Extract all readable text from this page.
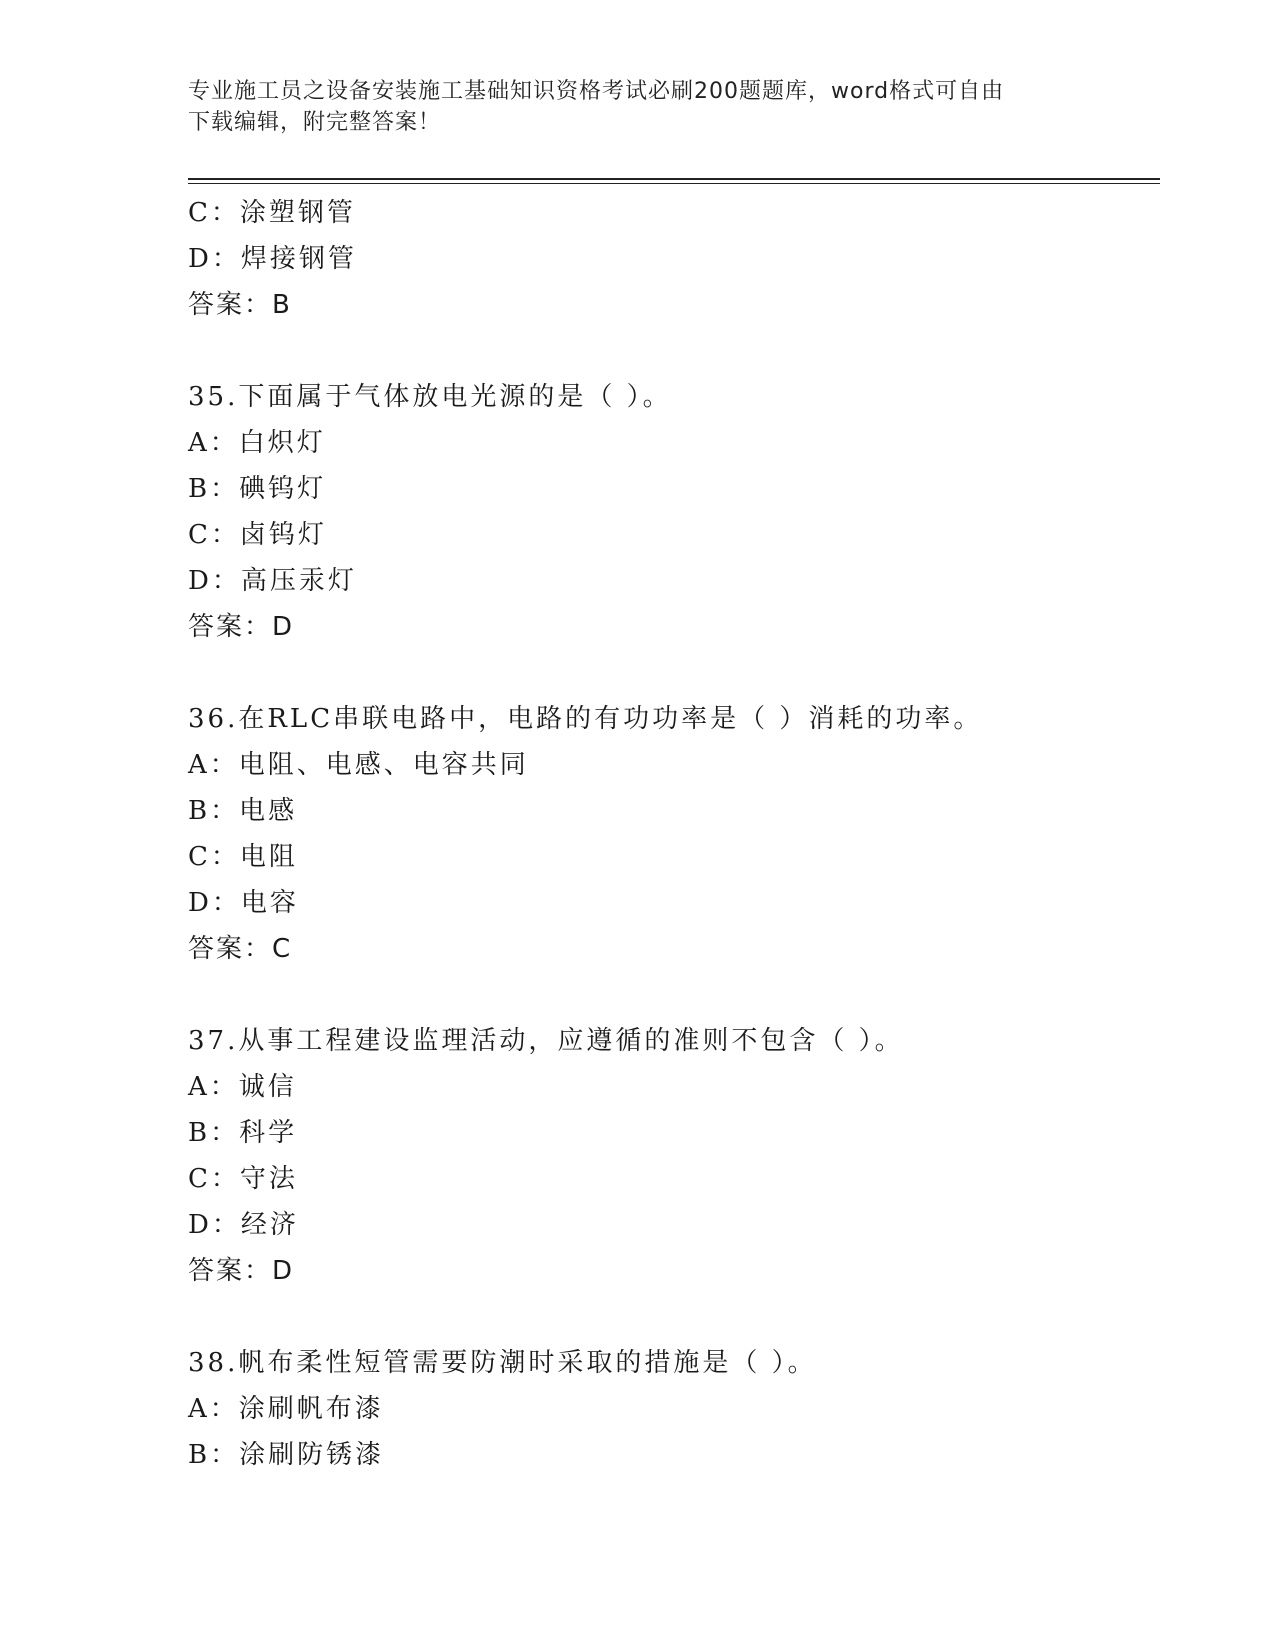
专业施工员之设备安装施工基础知识资格考试必刷200题题库，word格式可自由
下载编辑，附完整答案！
C：涂塑钢管
D：焊接钢管
答案：B
35.下面属于气体放电光源的是（ ）。
A：白炽灯
B：碘钨灯
C：卤钨灯
D：高压汞灯
答案：D
36.在RLC串联电路中，电路的有功功率是（ ）消耗的功率。
A：电阻、电感、电容共同
B：电感
C：电阻
D：电容
答案：C
37.从事工程建设监理活动，应遵循的准则不包含（ ）。
A：诚信
B：科学
C：守法
D：经济
答案：D
38.帆布柔性短管需要防潮时采取的措施是（ ）。
A：涂刷帆布漆
B：涂刷防锈漆
